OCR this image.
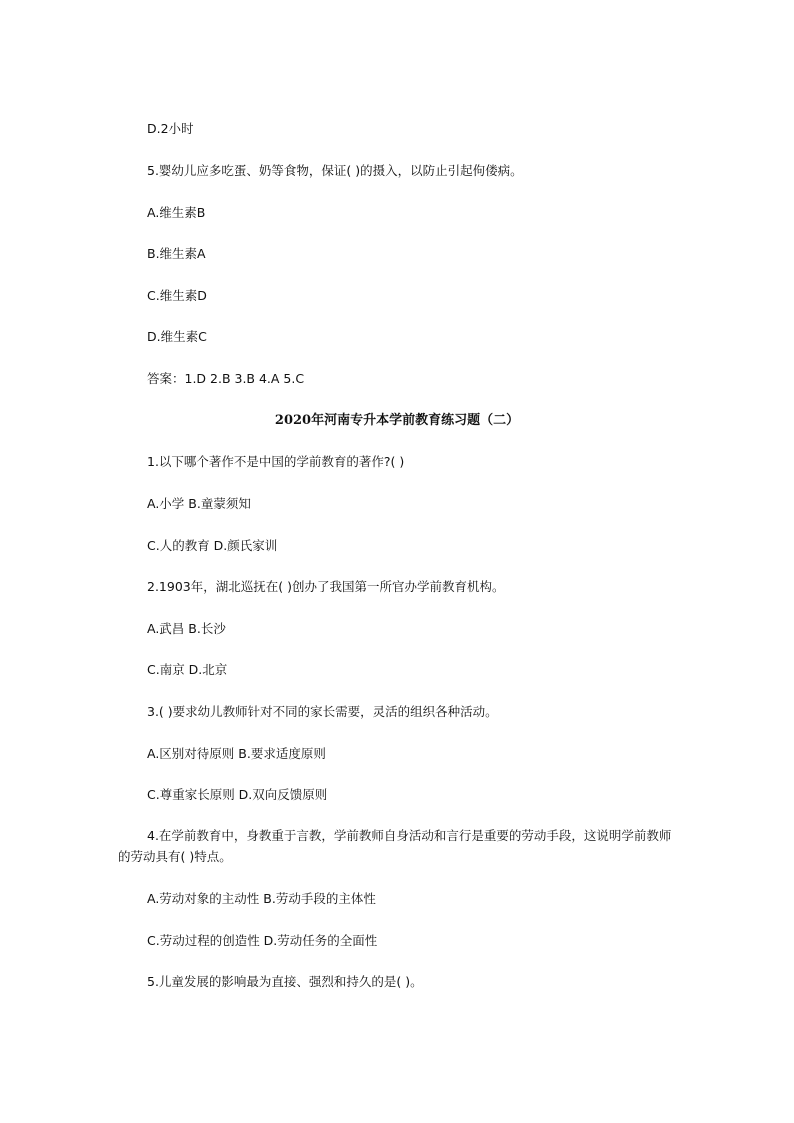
D.2小时
5.婴幼儿应多吃蛋、奶等食物，保证( )的摄入，以防止引起佝偻病。
A.维生素B
B.维生素A
C.维生素D
D.维生素C
答案：1.D 2.B 3.B 4.A 5.C
2020年河南专升本学前教育练习题（二）
1.以下哪个著作不是中国的学前教育的著作?( )
A.小学 B.童蒙须知
C.人的教育 D.颜氏家训
2.1903年，湖北巡抚在( )创办了我国第一所官办学前教育机构。
A.武昌 B.长沙
C.南京 D.北京
3.( )要求幼儿教师针对不同的家长需要，灵活的组织各种活动。
A.区别对待原则 B.要求适度原则
C.尊重家长原则 D.双向反馈原则
4.在学前教育中，身教重于言教，学前教师自身活动和言行是重要的劳动手段，这说明学前教师的劳动具有( )特点。
A.劳动对象的主动性 B.劳动手段的主体性
C.劳动过程的创造性 D.劳动任务的全面性
5.儿童发展的影响最为直接、强烈和持久的是( )。
